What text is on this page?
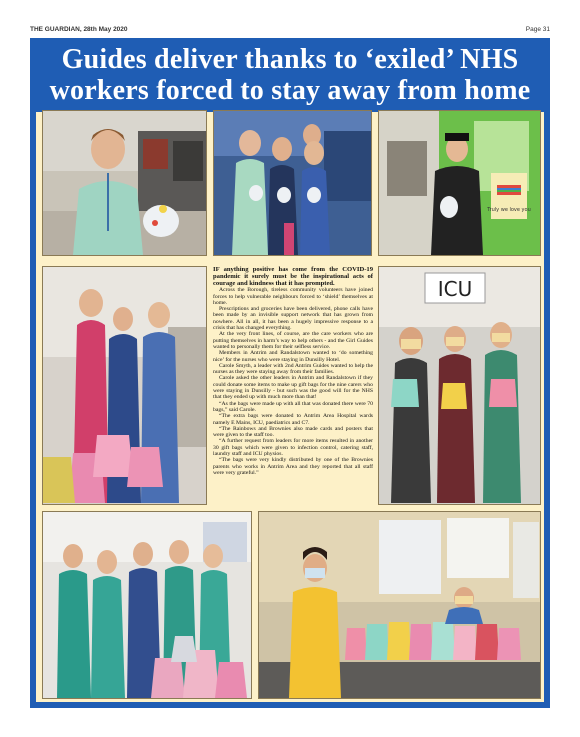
THE GUARDIAN, 28th May 2020	Page 31
Guides deliver thanks to ‘exiled’ NHS
workers forced to stay away from home
Truly we love you
ICU

IF anything positive has come from the COVID-19 pandemic it surely must be the inspirational acts of courage and kindness that it has prompted.

Across the Borough, tireless community volunteers have joined forces to help vulnerable neighbours forced to ‘shield’ themselves at home.

Prescriptions and groceries have been delivered, phone calls have been made by an invisible support network that has grown from nowhere. All in all, it has been a hugely impressive response to a crisis that has changed everything.

At the very front lines, of course, are the care workers who are putting themselves in harm’s way to help others - and the Girl Guides wanted to personally them for their selfless service.

Members in Antrim and Randalstown wanted to ‘do something nice’ for the nurses who were staying in Dunsilly Hotel.

Carole Smyth, a leader with 2nd Antrim Guides wanted to help the nurses as they were staying away from their families.

Carole asked the other leaders in Antrim and Randalstown if they could donate some items to make up gift bags for the nine carers who were staying in Dunsilly - but such was the good will for the NHS that they ended up with much more than that!

“As the bags were made up with all that was donated there were 70 bags,” said Carole.

“The extra bags were donated to Antrim Area Hospital wards namely E Mains, ICU, paediatrics and C7.

“The Rainbows and Brownies also made cards and posters that were given to the staff too.

“A further request from leaders for more items resulted in another 30 gift bags which were given to infection control, catering staff, laundry staff and ICU physios.

“The bags were very kindly distributed by one of the Brownies parents who works in Antrim Area and they reported that all staff were very grateful.”
